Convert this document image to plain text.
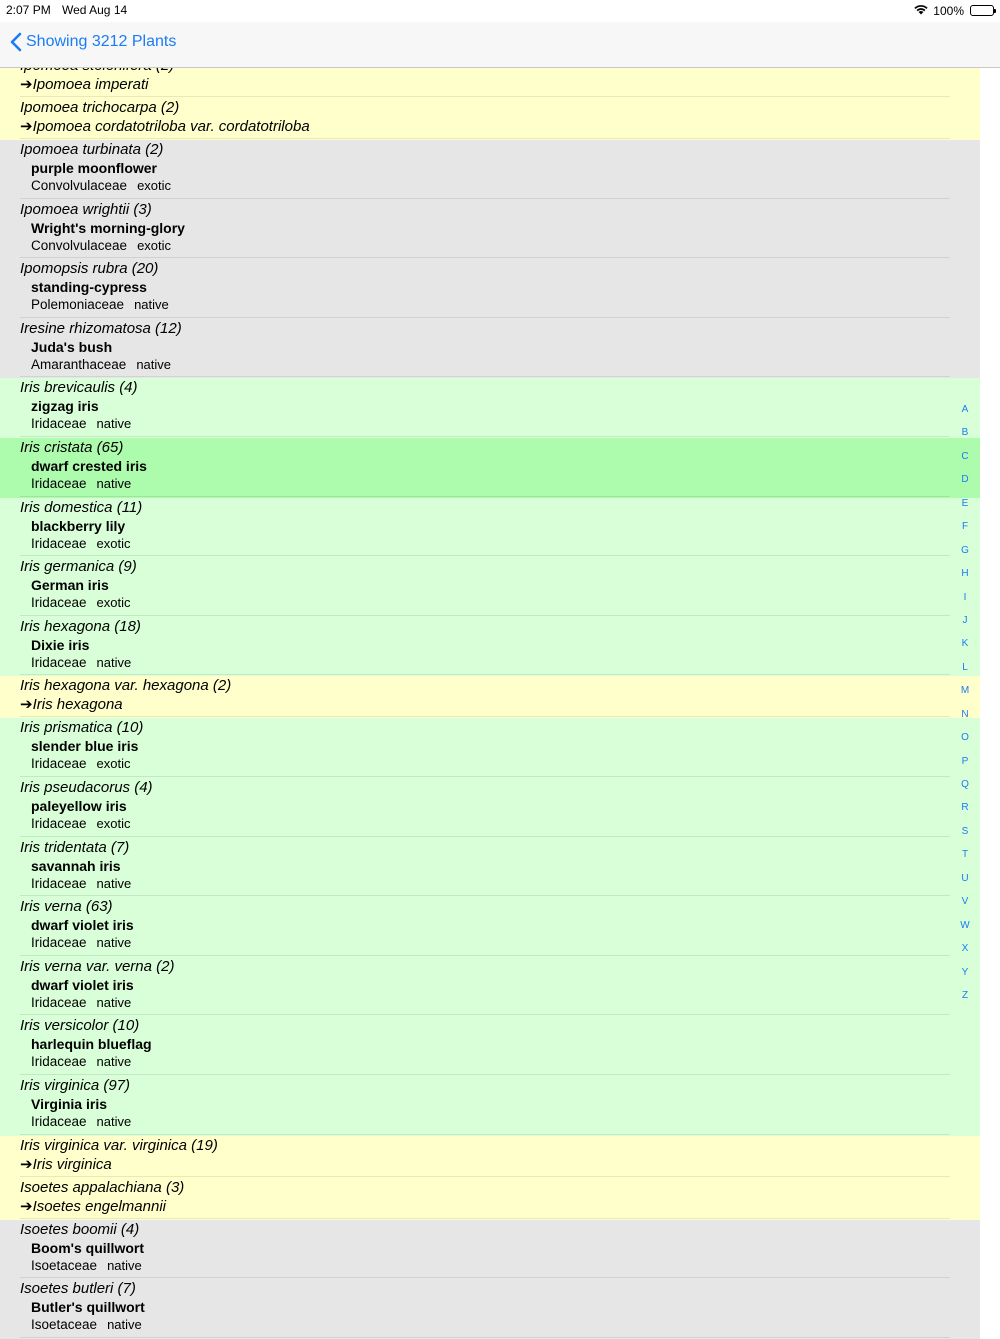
2:07 PM Wed Aug 14	100%
Showing 3212 Plants
➔Ipomoea imperati
Ipomoea trichocarpa (2)
➔Ipomoea cordatotriloba var. cordatotriloba
Ipomoea turbinata (2)
purple moonflower
Convolvulaceae exotic
Ipomoea wrightii (3)
Wright's morning-glory
Convolvulaceae exotic
Ipomopsis rubra (20)
standing-cypress
Polemoniaceae native
Iresine rhizomatosa (12)
Juda's bush
Amaranthaceae native
Iris brevicaulis (4)
zigzag iris
Iridaceae native
Iris cristata (65)
dwarf crested iris
Iridaceae native
Iris domestica (11)
blackberry lily
Iridaceae exotic
Iris germanica (9)
German iris
Iridaceae exotic
Iris hexagona (18)
Dixie iris
Iridaceae native
Iris hexagona var. hexagona (2)
➔Iris hexagona
Iris prismatica (10)
slender blue iris
Iridaceae exotic
Iris pseudacorus (4)
paleyellow iris
Iridaceae exotic
Iris tridentata (7)
savannah iris
Iridaceae native
Iris verna (63)
dwarf violet iris
Iridaceae native
Iris verna var. verna (2)
dwarf violet iris
Iridaceae native
Iris versicolor (10)
harlequin blueflag
Iridaceae native
Iris virginica (97)
Virginia iris
Iridaceae native
Iris virginica var. virginica (19)
➔Iris virginica
Isoetes appalachiana (3)
➔Isoetes engelmannii
Isoetes boomii (4)
Boom's quillwort
Isoetaceae native
Isoetes butleri (7)
Butler's quillwort
Isoetaceae native
A
B
C
D
E
F
G
H
I
J
K
L
M
N
O
P
Q
R
S
T
U
V
W
X
Y
Z
